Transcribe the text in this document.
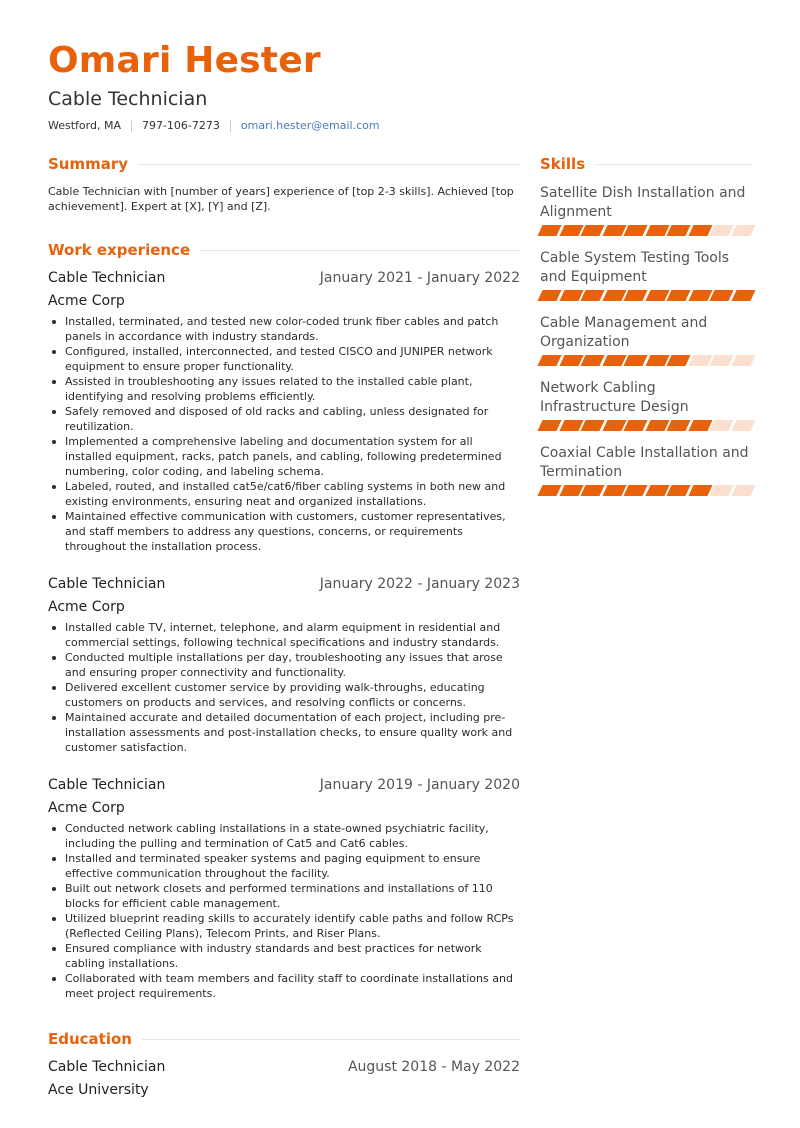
Omari Hester
Cable Technician
Westford, MA 797-106-7273 omari.hester@email.com
Summary

Cable Technician with [number of years] experience of [top 2-3 skills]. Achieved [top achievement]. Expert at [X], [Y] and [Z].

Work experience
Cable Technician	January 2021 - January 2022
Acme Corp
Installed, terminated, and tested new color-coded trunk fiber cables and patch panels in accordance with industry standards.
Configured, installed, interconnected, and tested CISCO and JUNIPER network equipment to ensure proper functionality.
Assisted in troubleshooting any issues related to the installed cable plant, identifying and resolving problems efficiently.
Safely removed and disposed of old racks and cabling, unless designated for reutilization.
Implemented a comprehensive labeling and documentation system for all installed equipment, racks, patch panels, and cabling, following predetermined numbering, color coding, and labeling schema.
Labeled, routed, and installed cat5e/cat6/fiber cabling systems in both new and existing environments, ensuring neat and organized installations.
Maintained effective communication with customers, customer representatives, and staff members to address any questions, concerns, or requirements throughout the installation process.
Cable Technician	January 2022 - January 2023
Acme Corp
Installed cable TV, internet, telephone, and alarm equipment in residential and commercial settings, following technical specifications and industry standards.
Conducted multiple installations per day, troubleshooting any issues that arose and ensuring proper connectivity and functionality.
Delivered excellent customer service by providing walk-throughs, educating customers on products and services, and resolving conflicts or concerns.
Maintained accurate and detailed documentation of each project, including pre-installation assessments and post-installation checks, to ensure quality work and customer satisfaction.
Cable Technician	January 2019 - January 2020
Acme Corp
Conducted network cabling installations in a state-owned psychiatric facility, including the pulling and termination of Cat5 and Cat6 cables.
Installed and terminated speaker systems and paging equipment to ensure effective communication throughout the facility.
Built out network closets and performed terminations and installations of 110 blocks for efficient cable management.
Utilized blueprint reading skills to accurately identify cable paths and follow RCPs (Reflected Ceiling Plans), Telecom Prints, and Riser Plans.
Ensured compliance with industry standards and best practices for network cabling installations.
Collaborated with team members and facility staff to coordinate installations and meet project requirements.
Education
Cable Technician	August 2018 - May 2022
Ace University
Skills
Satellite Dish Installation and Alignment
Cable System Testing Tools and Equipment
Cable Management and Organization
Network Cabling Infrastructure Design
Coaxial Cable Installation and Termination
